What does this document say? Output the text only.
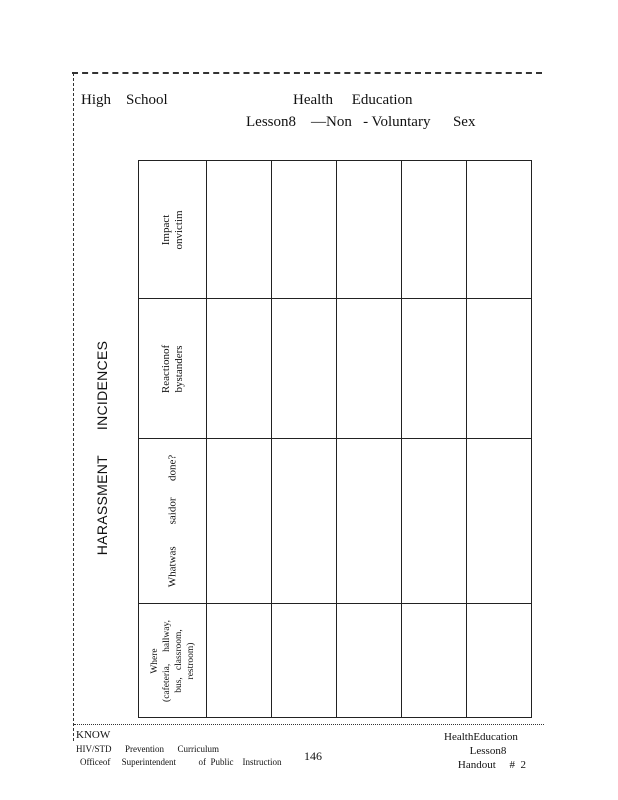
High    School	Health     Education
Lesson8    —Non   - Voluntary      Sex
HARASSMENT      INCIDENCES
Impact
onvictim					

Reactionof
bystanders					

Whatwas        saidor      done?					

Where
(cafeteria,     hallway,
bus,   classroom,
restroom)					

KNOW
HIV/STD      Prevention      Curriculum
Officeof     Superintendent          of  Public    Instruction 146
HealthEducation
Lesson8
Handout     #  2
